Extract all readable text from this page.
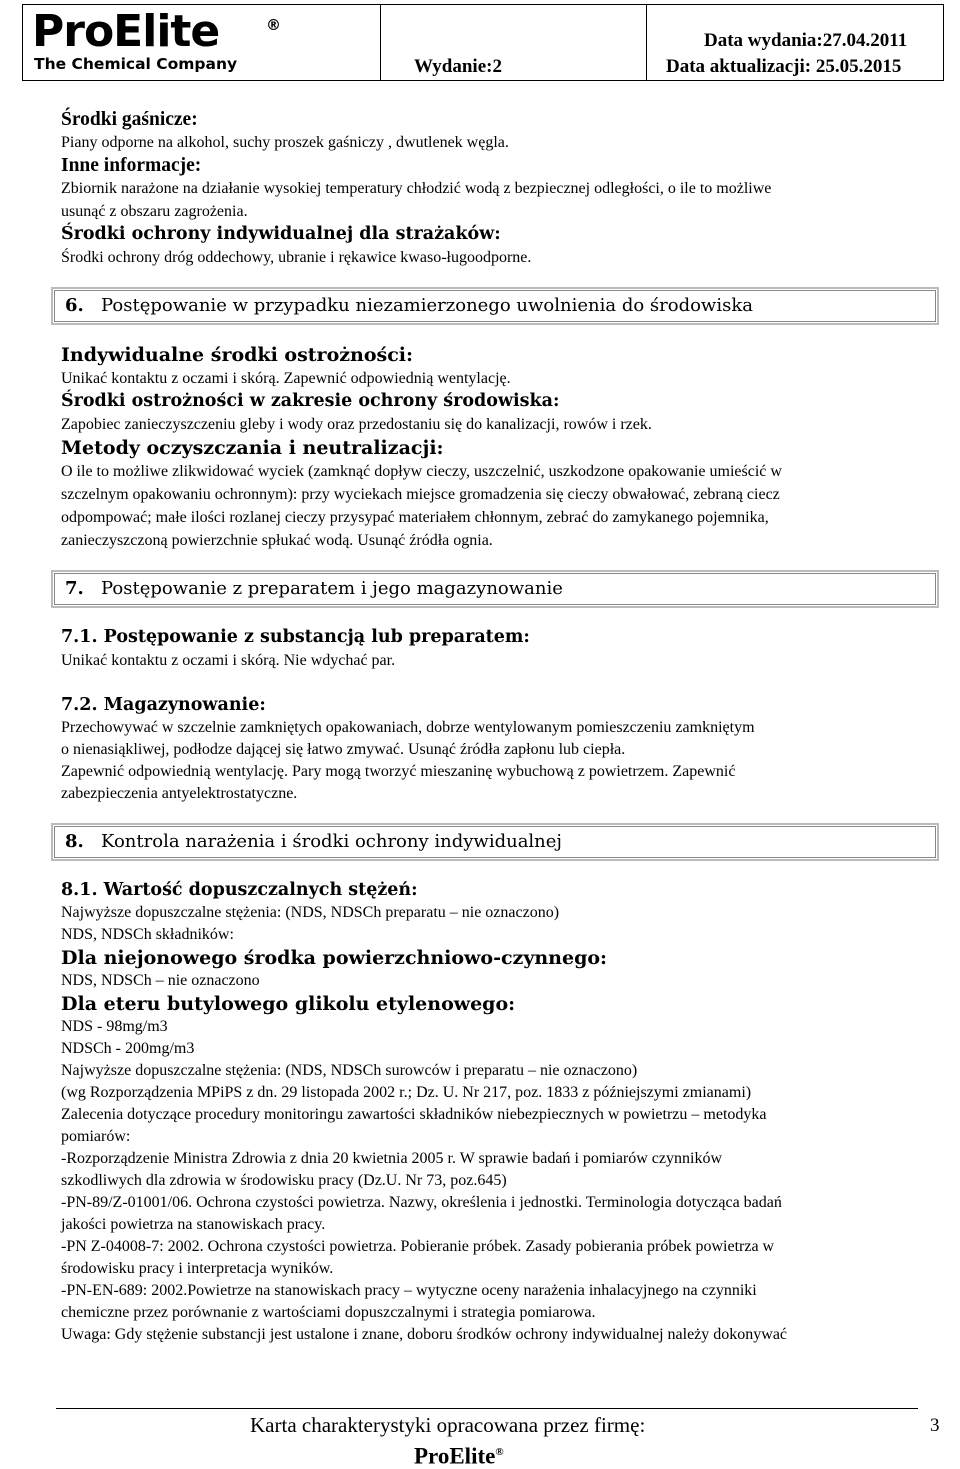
ProElite	®
The Chemical Company	Wydanie:2
Data wydania:27.04.2011
Data aktualizacji: 25.05.2015

Środki gaśnicze:

Piany odporne na alkohol, suchy proszek gaśniczy , dwutlenek węgla.

Inne informacje:

Zbiornik narażone na działanie wysokiej temperatury chłodzić wodą z bezpiecznej odległości, o ile to możliwe

usunąć z obszaru zagrożenia.

Środki ochrony indywidualnej dla strażaków:

Środki ochrony dróg oddechowy, ubranie i rękawice kwaso-ługoodporne.

6. Postępowanie w przypadku niezamierzonego uwolnienia do środowiska

Indywidualne środki ostrożności:

Unikać kontaktu z oczami i skórą. Zapewnić odpowiednią wentylację.

Środki ostrożności w zakresie ochrony środowiska:

Zapobiec zanieczyszczeniu gleby i wody oraz przedostaniu się do kanalizacji, rowów i rzek.

Metody oczyszczania i neutralizacji:

O ile to możliwe zlikwidować wyciek (zamknąć dopływ cieczy, uszczelnić, uszkodzone opakowanie umieścić w

szczelnym opakowaniu ochronnym): przy wyciekach miejsce gromadzenia się cieczy obwałować, zebraną ciecz

odpompować; małe ilości rozlanej cieczy przysypać materiałem chłonnym, zebrać do zamykanego pojemnika,

zanieczyszczoną powierzchnie spłukać wodą. Usunąć źródła ognia.

7. Postępowanie z preparatem i jego magazynowanie

7.1. Postępowanie z substancją lub preparatem:

Unikać kontaktu z oczami i skórą. Nie wdychać par.

7.2. Magazynowanie:

Przechowywać w szczelnie zamkniętych opakowaniach, dobrze wentylowanym pomieszczeniu zamkniętym

o nienasiąkliwej, podłodze dającej się łatwo zmywać. Usunąć źródła zapłonu lub ciepła.

Zapewnić odpowiednią wentylację. Pary mogą tworzyć mieszaninę wybuchową z powietrzem. Zapewnić

zabezpieczenia antyelektrostatyczne.

8. Kontrola narażenia i środki ochrony indywidualnej

8.1. Wartość dopuszczalnych stężeń:

Najwyższe dopuszczalne stężenia: (NDS, NDSCh preparatu – nie oznaczono)

NDS, NDSCh składników:

Dla niejonowego środka powierzchniowo-czynnego:

NDS, NDSCh – nie oznaczono

Dla eteru butylowego glikolu etylenowego:

NDS - 98mg/m3

NDSCh - 200mg/m3

Najwyższe dopuszczalne stężenia: (NDS, NDSCh surowców i preparatu – nie oznaczono)

(wg Rozporządzenia MPiPS z dn. 29 listopada 2002 r.; Dz. U. Nr 217, poz. 1833 z późniejszymi zmianami)

Zalecenia dotyczące procedury monitoringu zawartości składników niebezpiecznych w powietrzu – metodyka

pomiarów:

-Rozporządzenie Ministra Zdrowia z dnia 20 kwietnia 2005 r. W sprawie badań i pomiarów czynników

szkodliwych dla zdrowia w środowisku pracy (Dz.U. Nr 73, poz.645)

-PN-89/Z-01001/06. Ochrona czystości powietrza. Nazwy, określenia i jednostki. Terminologia dotycząca badań

jakości powietrza na stanowiskach pracy.

-PN Z-04008-7: 2002. Ochrona czystości powietrza. Pobieranie próbek. Zasady pobierania próbek powietrza w

środowisku pracy i interpretacja wyników.

-PN-EN-689: 2002.Powietrze na stanowiskach pracy – wytyczne oceny narażenia inhalacyjnego na czynniki

chemiczne przez porównanie z wartościami dopuszczalnymi i strategia pomiarowa.

Uwaga: Gdy stężenie substancji jest ustalone i znane, doboru środków ochrony indywidualnej należy dokonywać

Karta charakterystyki opracowana przez firmę:
ProElite®
3
